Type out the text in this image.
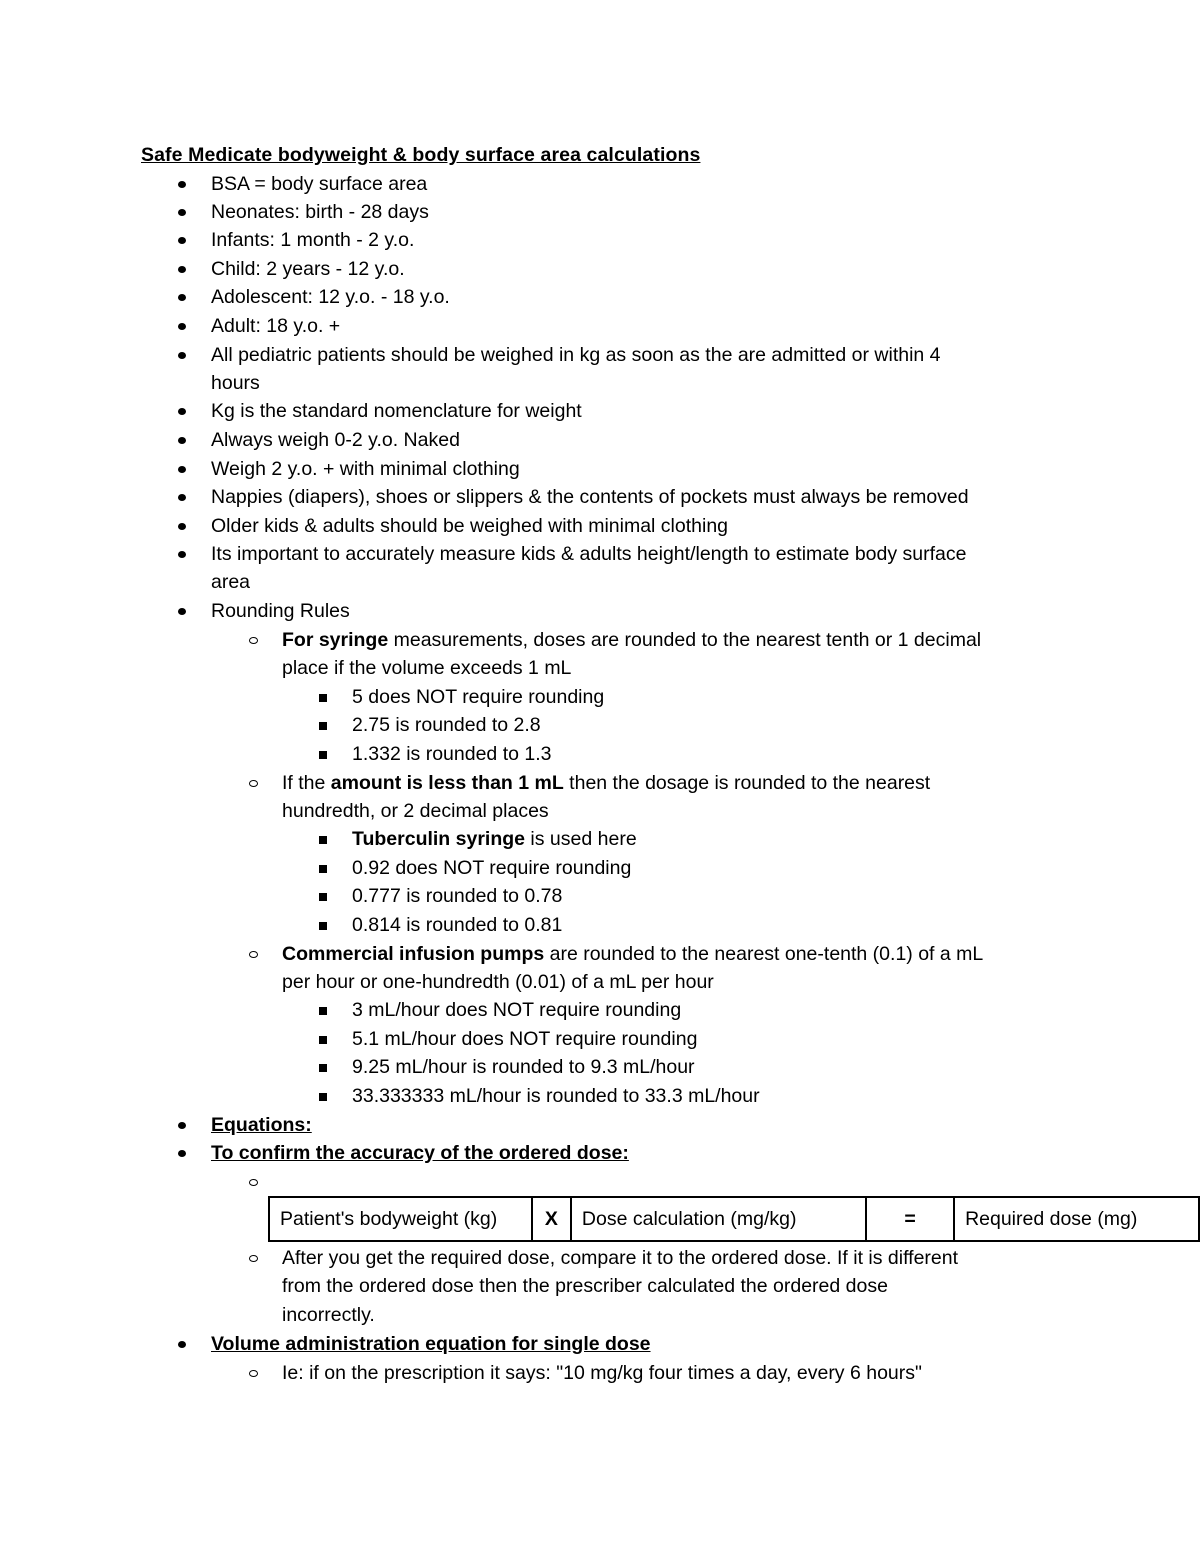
Safe Medicate bodyweight & body surface area calculations
BSA = body surface area
Neonates: birth - 28 days
Infants: 1 month - 2 y.o.
Child: 2 years - 12 y.o.
Adolescent: 12 y.o. - 18 y.o.
Adult: 18 y.o. +
All pediatric patients should be weighed in kg as soon as the are admitted or within 4
hours
Kg is the standard nomenclature for weight
Always weigh 0-2 y.o. Naked
Weigh 2 y.o. + with minimal clothing
Nappies (diapers), shoes or slippers & the contents of pockets must always be removed
Older kids & adults should be weighed with minimal clothing
Its important to accurately measure kids & adults height/length to estimate body surface
area
Rounding Rules
For syringe measurements, doses are rounded to the nearest tenth or 1 decimal
place if the volume exceeds 1 mL
5 does NOT require rounding
2.75 is rounded to 2.8
1.332 is rounded to 1.3
If the amount is less than 1 mL then the dosage is rounded to the nearest
hundredth, or 2 decimal places
Tuberculin syringe is used here
0.92 does NOT require rounding
0.777 is rounded to 0.78
0.814 is rounded to 0.81
Commercial infusion pumps are rounded to the nearest one-tenth (0.1) of a mL
per hour or one-hundredth (0.01) of a mL per hour
3 mL/hour does NOT require rounding
5.1 mL/hour does NOT require rounding
9.25 mL/hour is rounded to 9.3 mL/hour
33.333333 mL/hour is rounded to 33.3 mL/hour
Equations:
To confirm the accuracy of the ordered dose:
Patient's bodyweight (kg)	X	Dose calculation (mg/kg)	=	Required dose (mg)
After you get the required dose, compare it to the ordered dose. If it is different
from the ordered dose then the prescriber calculated the ordered dose
incorrectly.
Volume administration equation for single dose
Ie: if on the prescription it says: "10 mg/kg four times a day, every 6 hours"
